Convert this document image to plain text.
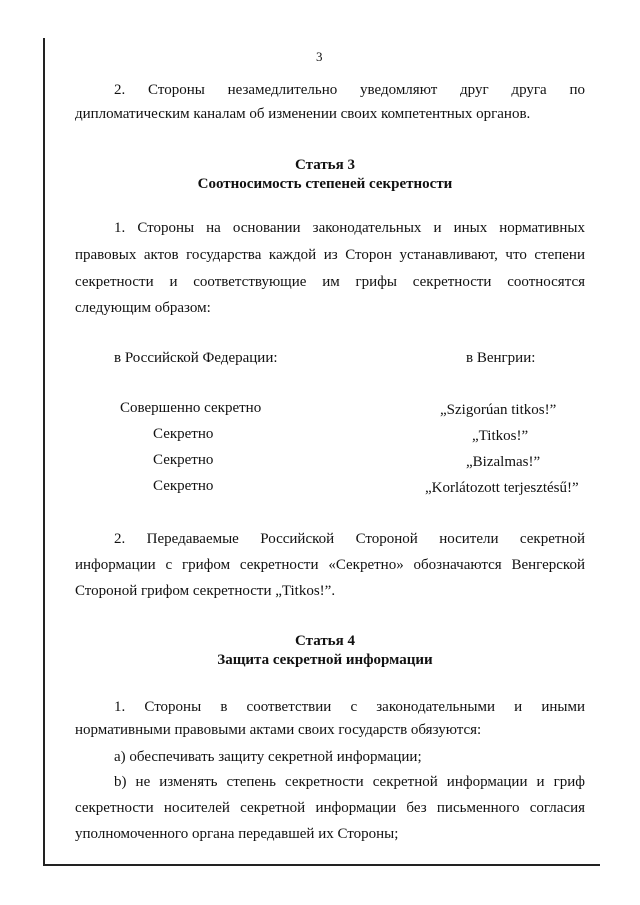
3
2. Стороны незамедлительно уведомляют друг друга по
дипломатическим каналам об изменении своих компетентных органов.
Статья 3
Соотносимость степеней секретности
1. Стороны на основании законодательных и иных нормативных
правовых актов государства каждой из Сторон устанавливают, что степени
секретности и соответствующие им грифы секретности соотносятся
следующим образом:
в Российской Федерации:	в Венгрии:
Совершенно секретно	„Szigorúan titkos!”
Секретно	„Titkos!”
Секретно	„Bizalmas!”
Секретно	„Korlátozott terjesztésű!”
2. Передаваемые Российской Стороной носители секретной
информации с грифом секретности «Секретно» обозначаются Венгерской
Стороной грифом секретности „Titkos!”.
Статья 4
Защита секретной информации
1. Стороны в соответствии с законодательными и иными
нормативными правовыми актами своих государств обязуются:
а) обеспечивать защиту секретной информации;
b) не изменять степень секретности секретной информации и гриф
секретности носителей секретной информации без письменного согласия
уполномоченного органа передавшей их Стороны;
